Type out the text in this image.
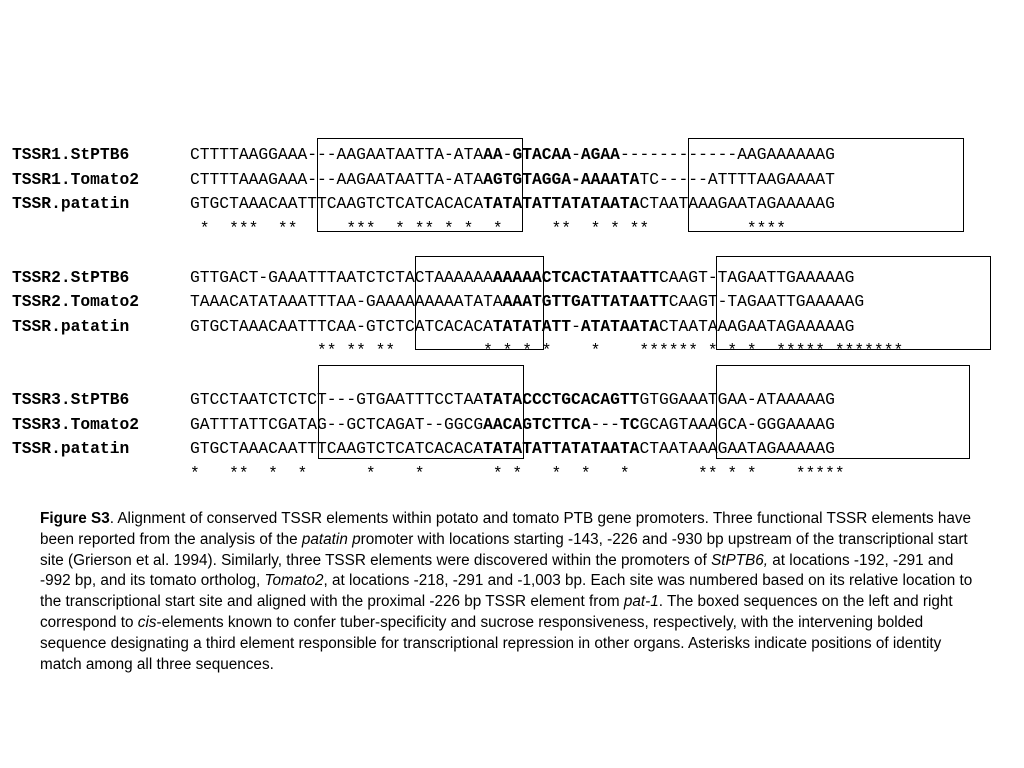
TSSR1.StPTB6	CTTTTAAGGAAA---AAGAATAATTA-ATAAA-GTACAA-AGAA------------AAGAAAAAAG
TSSR1.Tomato2	CTTTTAAAGAAA---AAGAATAATTA-ATAAGTGTAGGA-AAAATATC-----ATTTTAAGAAAAT
TSSR.patatin	GTGCTAAACAATTTCAAGTCTCATCACACATATATATTATATAATACTAATAAAGAATAGAAAAAG
*  ***  **     ***  * ** * *  *     **  * * **          ****
TSSR2.StPTB6	GTTGACT-GAAATTTAATCTCTACTAAAAAAAAAAACTCACTATAATTCAAGT-TAGAATTGAAAAAG
TSSR2.Tomato2	TAAACATATAAATTTAA-GAAAAAAAAATATAAAATGTTGATTATAATTCAAGT-TAGAATTGAAAAAG
TSSR.patatin	GTGCTAAACAATTTCAA-GTCTCATCACACATATATATT-ATATAATACTAATAAAGAATAGAAAAAG
** ** **         * * * *    *    ****** * * *  ***** *******
TSSR3.StPTB6	GTCCTAATCTCTCT---GTGAATTTCCTAATATACCCTGCACAGTTGTGGAAATGAA-ATAAAAAG
TSSR3.Tomato2	GATTTATTCGATAG--GCTCAGAT--GGCGAACAGTCTTCA---TCGCAGTAAAGCA-GGGAAAAG
TSSR.patatin	GTGCTAAACAATTTCAAGTCTCATCACACATATATATTATATAATACTAATAAAGAATAGAAAAAG
*   **  *  *      *    *       * *   *  *   *       ** * *    *****
Figure S3. Alignment of conserved TSSR elements within potato and tomato PTB gene promoters. Three functional TSSR elements have been reported from the analysis of the patatin promoter with locations starting -143, -226 and -930 bp upstream of the transcriptional start site (Grierson et al. 1994). Similarly, three TSSR elements were discovered within the promoters of StPTB6, at locations -192, -291 and -992 bp, and its tomato ortholog, Tomato2, at locations -218, -291 and -1,003 bp. Each site was numbered based on its relative location to the transcriptional start site and aligned with the proximal -226 bp TSSR element from pat-1. The boxed sequences on the left and right correspond to cis-elements known to confer tuber-specificity and sucrose responsiveness, respectively, with the intervening bolded sequence designating a third element responsible for transcriptional repression in other organs. Asterisks indicate positions of identity match among all three sequences.
